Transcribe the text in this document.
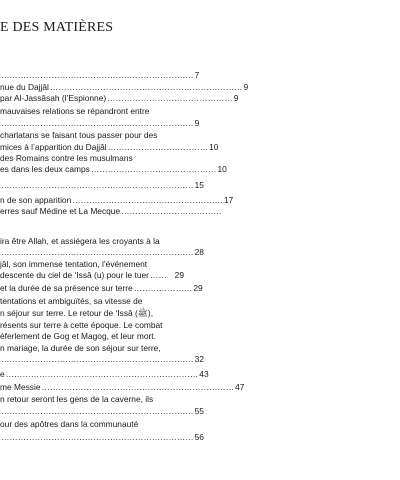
E DES MATIÈRES
…………………………………………………………… 7
nue du Dajjâl …………………………………………………………… 9
par Al-Jassâsah (l’Espionne) ……………………………………… 9
mauvaises relations se répandront entre
…………………………………………………………… 9
charlatans se faisant tous passer pour des
mices à l’apparition du Dajjâl ……………………………… 10
des Romains contre les musulmans
es dans les deux camps ……………………………………… 10
…………………………………………………………… 15
n de son apparition ……………………………………………… 17
erres sauf Médine et La Mecque ………………………………
ira être Allah, et assiégera les croyants à la
…………………………………………………………… 28
jâl, son immense tentation, l’événement
descente du ciel de ‘Issâ (u) pour le tuer …… 29
et la durée de sa présence sur terre ………………… 29
tentations et ambiguïtés, sa vitesse de
n séjour sur terre. Le retour de ‘Issâ (ﷺ),
résents sur terre à cette époque. Le combat
éferlement de Gog et Magog, et leur mort.
n mariage, la durée de son séjour sur terre,
…………………………………………………………… 32
e …………………………………………………………… 43
me Messie …………………………………………………………… 47
n retour seront les gens de la caverne, ils
…………………………………………………………… 55
our des apôtres dans la communauté
…………………………………………………………… 56
